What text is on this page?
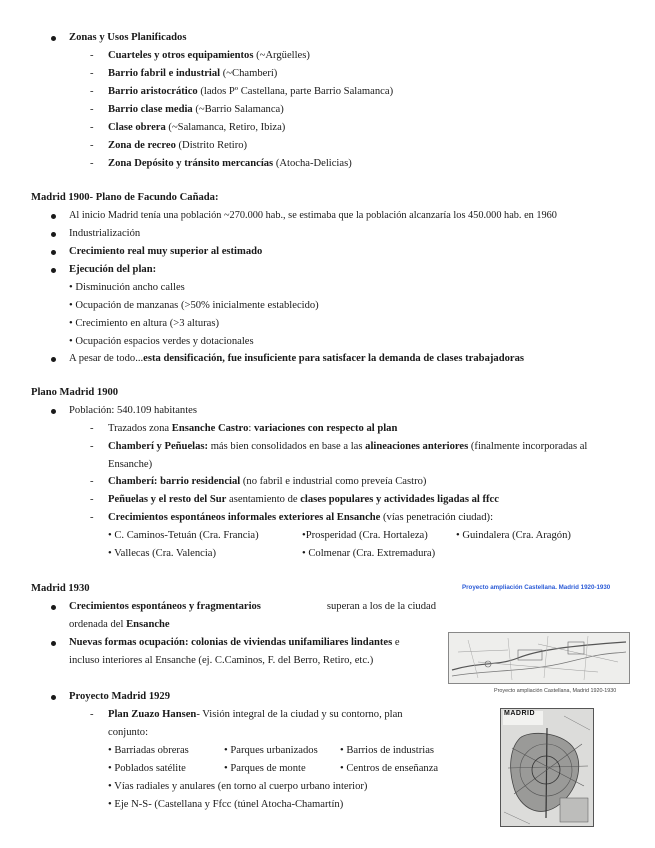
Zonas y Usos Planificados
- Cuarteles y otros equipamientos (~Argüelles)
- Barrio fabril e industrial (~Chamberí)
- Barrio aristocrático (lados Pº Castellana, parte Barrio Salamanca)
- Barrio clase media (~Barrio Salamanca)
- Clase obrera (~Salamanca, Retiro, Ibiza)
- Zona de recreo (Distrito Retiro)
- Zona Depósito y tránsito mercancías (Atocha-Delicias)
Madrid 1900- Plano de Facundo Cañada:
Al inicio Madrid tenía una población ~270.000 hab., se estimaba que la población alcanzaría los 450.000 hab. en 1960
Industrialización
Crecimiento real muy superior al estimado
Ejecución del plan:
• Disminución ancho calles
• Ocupación de manzanas (>50% inicialmente establecido)
• Crecimiento en altura (>3 alturas)
• Ocupación espacios verdes y dotacionales
A pesar de todo...esta densificación, fue insuficiente para satisfacer la demanda de clases trabajadoras
Plano Madrid 1900
Población: 540.109 habitantes
- Trazados zona Ensanche Castro: variaciones con respecto al plan
- Chamberí y Peñuelas: más bien consolidados en base a las alineaciones anteriores (finalmente incorporadas al
Ensanche)
- Chamberí: barrio residencial (no fabril e industrial como preveía Castro)
- Peñuelas y el resto del Sur asentamiento de clases populares y actividades ligadas al ffcc
- Crecimientos espontáneos informales exteriores al Ensanche (vías penetración ciudad):
• C. Caminos-Tetuán (Cra. Francia)	•Prosperidad (Cra. Hortaleza)	• Guindalera (Cra. Aragón)
• Vallecas (Cra. Valencia)	• Colmenar (Cra. Extremadura)
Madrid 1930
Crecimientos espontáneos y fragmentarios	superan a los de la ciudad
ordenada del Ensanche
Nuevas formas ocupación: colonias de viviendas unifamiliares lindantes e
incluso interiores al Ensanche (ej. C.Caminos, F. del Berro, Retiro, etc.)
Proyecto Madrid 1929
- Plan Zuazo Hansen- Visión integral de la ciudad y su contorno, plan
conjunto:
• Barriadas obreras	• Parques urbanizados • Barrios de industrias
• Poblados satélite	• Parques de monte	• Centros de enseñanza
• Vías radiales y anulares (en torno al cuerpo urbano interior)
• Eje N-S- (Castellana y Ffcc (túnel Atocha-Chamartín)
Proyecto ampliación Castellana. Madrid 1920-1930
Proyecto ampliación Castellana, Madrid 1920-1930
MADRID
